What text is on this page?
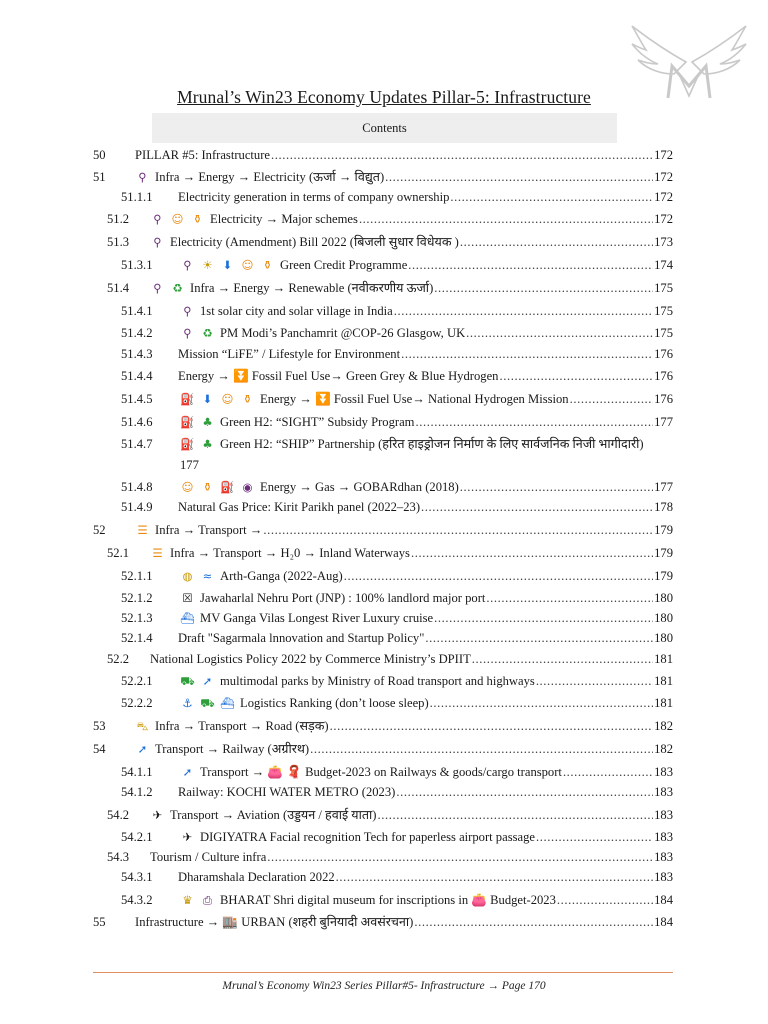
Mrunal’s Win23 Economy Updates Pillar-5: Infrastructure
Contents
50 PILLAR #5: Infrastructure .....	172
51	⚲ Infra → Energy → Electricity (ऊर्जा → विद्युत) .....	172
51.1.1 Electricity generation in terms of company ownership .....	172
51.2 ⚲ ☺ ⚱ Electricity → Major schemes .....	172
51.3 ⚲ Electricity (Amendment) Bill 2022 (बिजली सुधार विधेयक ) .....	173
51.3.1	⚲ ☀ ⬇ ☺ ⚱ Green Credit Programme .....	174
51.4 ⚲ ♻ Infra → Energy → Renewable (नवीकरणीय ऊर्जा) .....	175
51.4.1	⚲ 1st solar city and solar village in India .....	175
51.4.2	⚲ ♻ PM Modi’s Panchamrit @COP-26 Glasgow, UK .....	175
51.4.3 Mission “LiFE” / Lifestyle for Environment .....	176
51.4.4 Energy → ⏬ Fossil Fuel Use→ Green Grey & Blue Hydrogen .....	176
51.4.5 ⛽ ⬇ ☺ ⚱ Energy → ⏬ Fossil Fuel Use→ National Hydrogen Mission .....	176
51.4.6 ⛽ ♣ Green H2: “SIGHT” Subsidy Program .....	177
51.4.7 ⛽ ♣ Green H2: “SHIP” Partnership (हरित हाइड्रोजन निर्माण के लिए सार्वजनिक निजी भागीदारी)
177
51.4.8	☺ ⚱ ⛽ ◉ Energy → Gas → GOBARdhan (2018) .....	177
51.4.9 Natural Gas Price: Kirit Parikh panel (2022–23) .....	178
52	☰ Infra → Transport → .....	179
52.1 ☰ Infra → Transport → H₂0 → Inland Waterways .....	179
52.1.1	◍ ≈ Arth-Ganga (2022-Aug) .....	179
52.1.2	☒ Jawaharlal Nehru Port (JNP) : 100% landlord major port .....	180
52.1.3 ⛴ MV Ganga Vilas Longest River Luxury cruise .....	180
52.1.4 Draft "Sagarmala lnnovation and Startup Policy" .....	180
52.2 National Logistics Policy 2022 by Commerce Ministry’s DPIIT .....	181
52.2.1 ⛟ ➚ multimodal parks by Ministry of Road transport and highways .....	181
52.2.2	⚓ ⛟ ⛴ Logistics Ranking (don’t loose sleep) .....	181
53	⛍ Infra → Transport → Road (सड़क) .....	182
54	➚ Transport → Railway (अग्रीरथ) .....	182
54.1.1	➚ Transport → 👛 🧣 Budget-2023 on Railways & goods/cargo transport .....	183
54.1.2 Railway: KOCHI WATER METRO (2023) .....	183
54.2 ✈ Transport → Aviation (उड्डयन / हवाई याता) .....	183
54.2.1	✈ DIGIYATRA Facial recognition Tech for paperless airport passage .....	183
54.3 Tourism / Culture infra .....	183
54.3.1 Dharamshala Declaration 2022 .....	183
54.3.2	♛ ⎙ BHARAT Shri digital museum for inscriptions in 👛 Budget-2023 .....	184
55 Infrastructure → 🏬 URBAN (शहरी बुनियादी अवसंरचना) .....	184
Mrunal’s Economy Win23 Series Pillar#5- Infrastructure → Page 170
